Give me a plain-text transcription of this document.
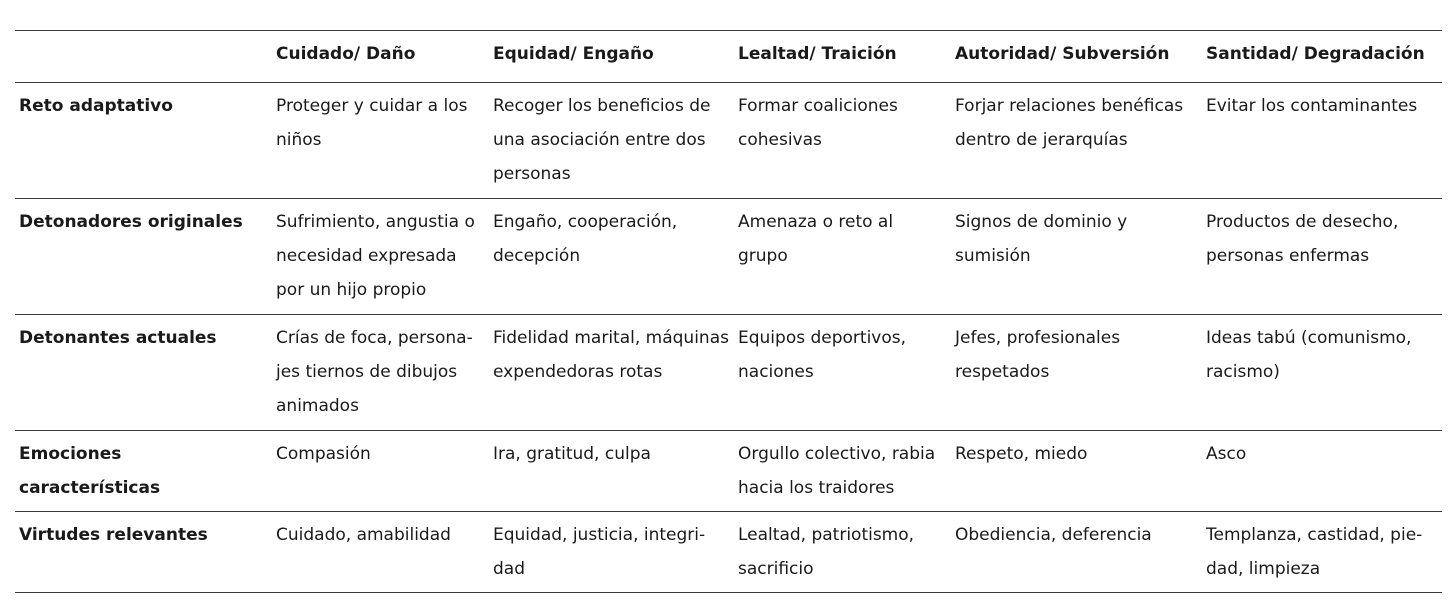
	Cuidado/ Daño	Equidad/ Engaño	Lealtad/ Traición	Autoridad/ Subversión	Santidad/ Degradación
Reto adaptativo	Proteger y cuidar a los niños	Recoger los beneficios de una asociación entre dos personas	Formar coaliciones cohesivas	Forjar relaciones benéficas dentro de jerarquías	Evitar los contaminantes
Detonadores originales	Sufrimiento, angustia o necesidad expresada por un hijo propio	Engaño, cooperación, decepción	Amenaza o reto al grupo	Signos de dominio y sumisión	Productos de desecho, personas enfermas
Detonantes actuales	Crías de foca, personajes tiernos de dibujos animados	Fidelidad marital, máquinas expendedoras rotas	Equipos deportivos, naciones	Jefes, profesionales respetados	Ideas tabú (comunismo, racismo)
Emociones características	Compasión	Ira, gratitud, culpa	Orgullo colectivo, rabia hacia los traidores	Respeto, miedo	Asco
Virtudes relevantes	Cuidado, amabilidad	Equidad, justicia, integridad	Lealtad, patriotismo, sacrificio	Obediencia, deferencia	Templanza, castidad, piedad, limpieza
